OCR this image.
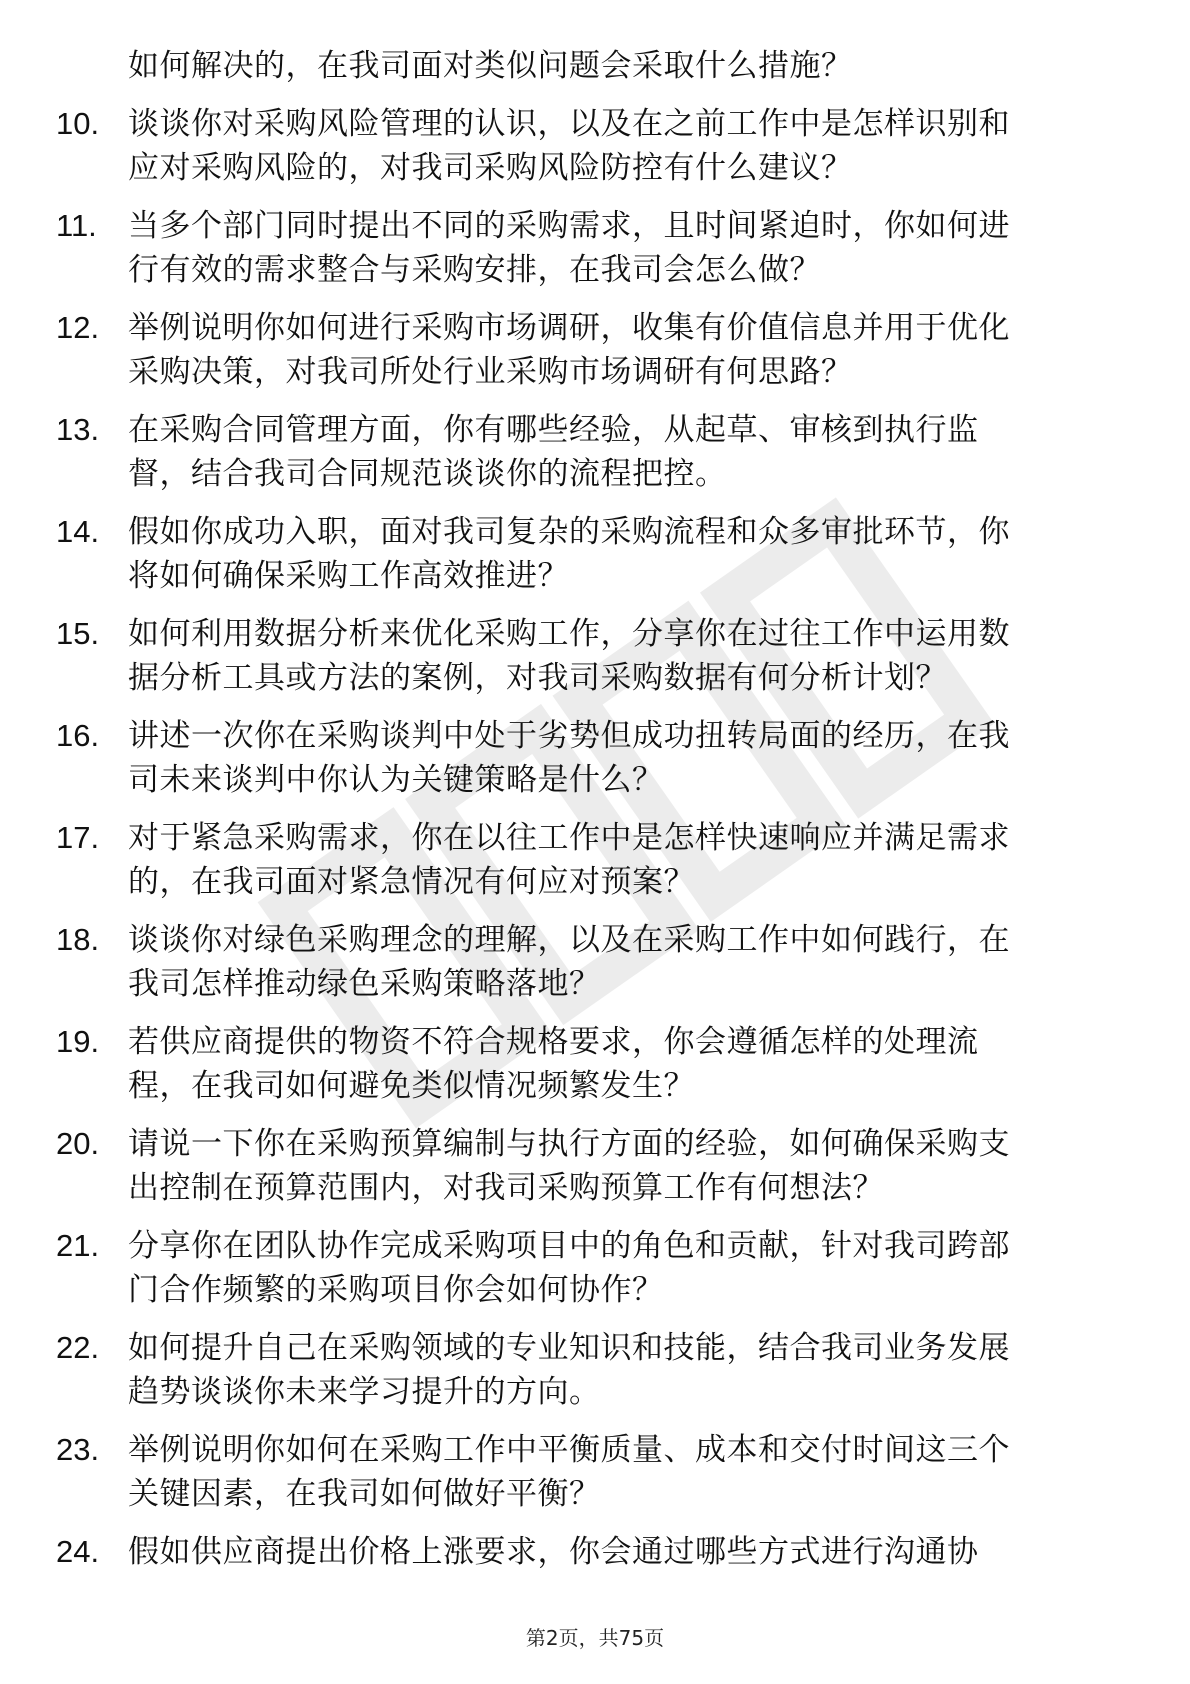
如何解决的，在我司面对类似问题会采取什么措施？
10. 谈谈你对采购风险管理的认识，以及在之前工作中是怎样识别和
应对采购风险的，对我司采购风险防控有什么建议？
11.	当多个部门同时提出不同的采购需求，且时间紧迫时，你如何进
行有效的需求整合与采购安排，在我司会怎么做？
12. 举例说明你如何进行采购市场调研，收集有价值信息并用于优化
采购决策，对我司所处行业采购市场调研有何思路？
13. 在采购合同管理方面，你有哪些经验，从起草、审核到执行监
督，结合我司合同规范谈谈你的流程把控。
14. 假如你成功入职，面对我司复杂的采购流程和众多审批环节，你
将如何确保采购工作高效推进？
15. 如何利用数据分析来优化采购工作，分享你在过往工作中运用数
据分析工具或方法的案例，对我司采购数据有何分析计划？
16. 讲述一次你在采购谈判中处于劣势但成功扭转局面的经历，在我
司未来谈判中你认为关键策略是什么？
17. 对于紧急采购需求，你在以往工作中是怎样快速响应并满足需求
的，在我司面对紧急情况有何应对预案？
18. 谈谈你对绿色采购理念的理解，以及在采购工作中如何践行，在
我司怎样推动绿色采购策略落地？
19. 若供应商提供的物资不符合规格要求，你会遵循怎样的处理流
程，在我司如何避免类似情况频繁发生？
20. 请说一下你在采购预算编制与执行方面的经验，如何确保采购支
出控制在预算范围内，对我司采购预算工作有何想法？
21. 分享你在团队协作完成采购项目中的角色和贡献，针对我司跨部
门合作频繁的采购项目你会如何协作？
22. 如何提升自己在采购领域的专业知识和技能，结合我司业务发展
趋势谈谈你未来学习提升的方向。
23. 举例说明你如何在采购工作中平衡质量、成本和交付时间这三个
关键因素，在我司如何做好平衡？
24. 假如供应商提出价格上涨要求，你会通过哪些方式进行沟通协
第2页，共75页
